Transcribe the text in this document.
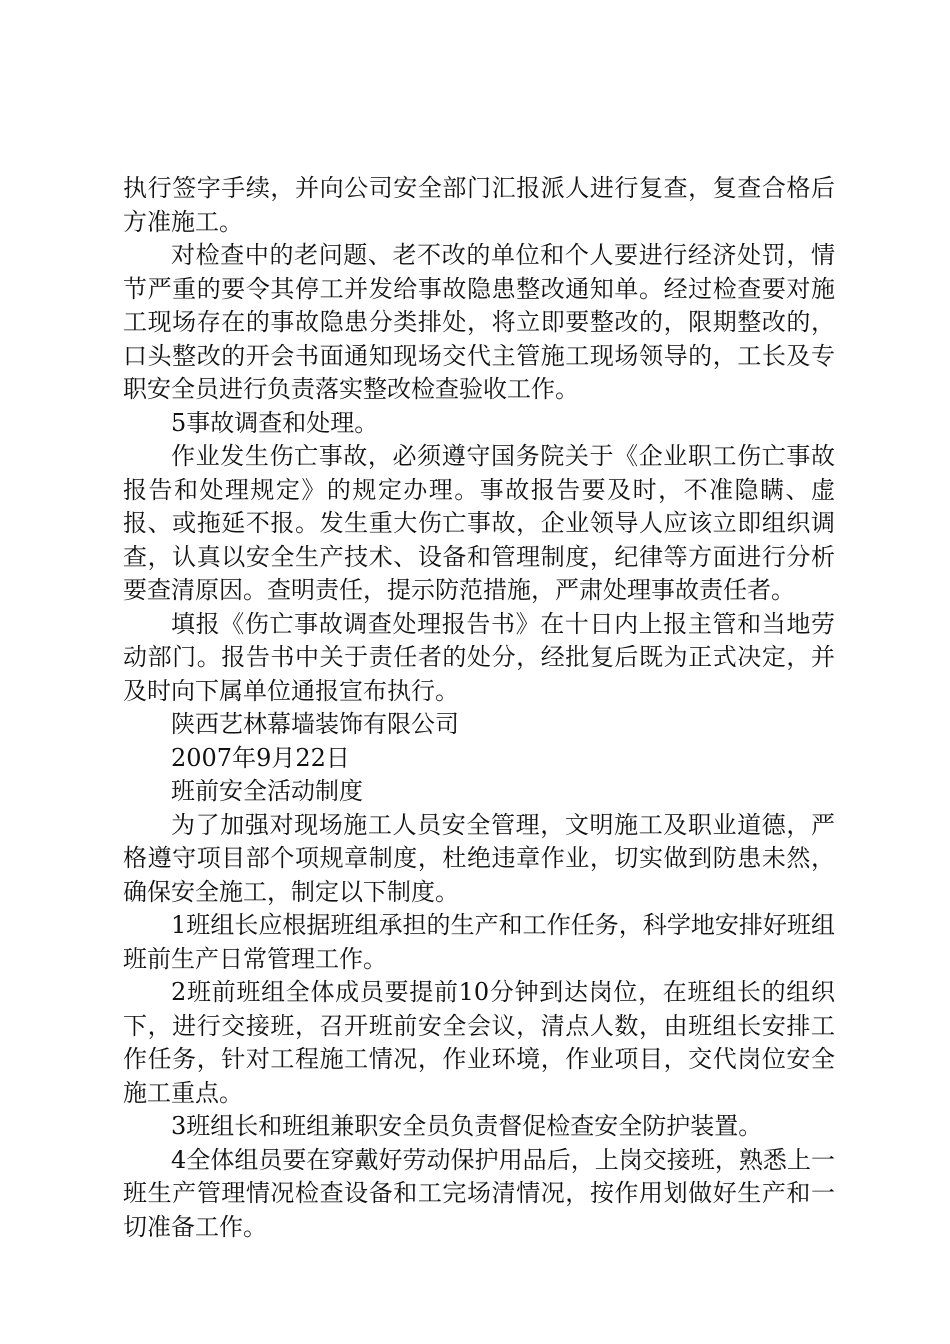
执行签字手续，并向公司安全部门汇报派人进行复查，复查合格后方准施工。

对检查中的老问题、老不改的单位和个人要进行经济处罚，情节严重的要令其停工并发给事故隐患整改通知单。经过检查要对施工现场存在的事故隐患分类排处，将立即要整改的，限期整改的，口头整改的开会书面通知现场交代主管施工现场领导的，工长及专职安全员进行负责落实整改检查验收工作。

5事故调查和处理。

作业发生伤亡事故，必须遵守国务院关于《企业职工伤亡事故报告和处理规定》的规定办理。事故报告要及时，不准隐瞒、虚报、或拖延不报。发生重大伤亡事故，企业领导人应该立即组织调查，认真以安全生产技术、设备和管理制度，纪律等方面进行分析要查清原因。查明责任，提示防范措施，严肃处理事故责任者。

填报《伤亡事故调查处理报告书》在十日内上报主管和当地劳动部门。报告书中关于责任者的处分，经批复后既为正式决定，并及时向下属单位通报宣布执行。

陕西艺林幕墙装饰有限公司

2007年9月22日

班前安全活动制度

为了加强对现场施工人员安全管理，文明施工及职业道德，严格遵守项目部个项规章制度，杜绝违章作业，切实做到防患未然，确保安全施工，制定以下制度。

1班组长应根据班组承担的生产和工作任务，科学地安排好班组班前生产日常管理工作。

2班前班组全体成员要提前10分钟到达岗位，在班组长的组织下，进行交接班，召开班前安全会议，清点人数，由班组长安排工作任务，针对工程施工情况，作业环境，作业项目，交代岗位安全施工重点。

3班组长和班组兼职安全员负责督促检查安全防护装置。

4全体组员要在穿戴好劳动保护用品后，上岗交接班，熟悉上一班生产管理情况检查设备和工完场清情况，按作用划做好生产和一切准备工作。
